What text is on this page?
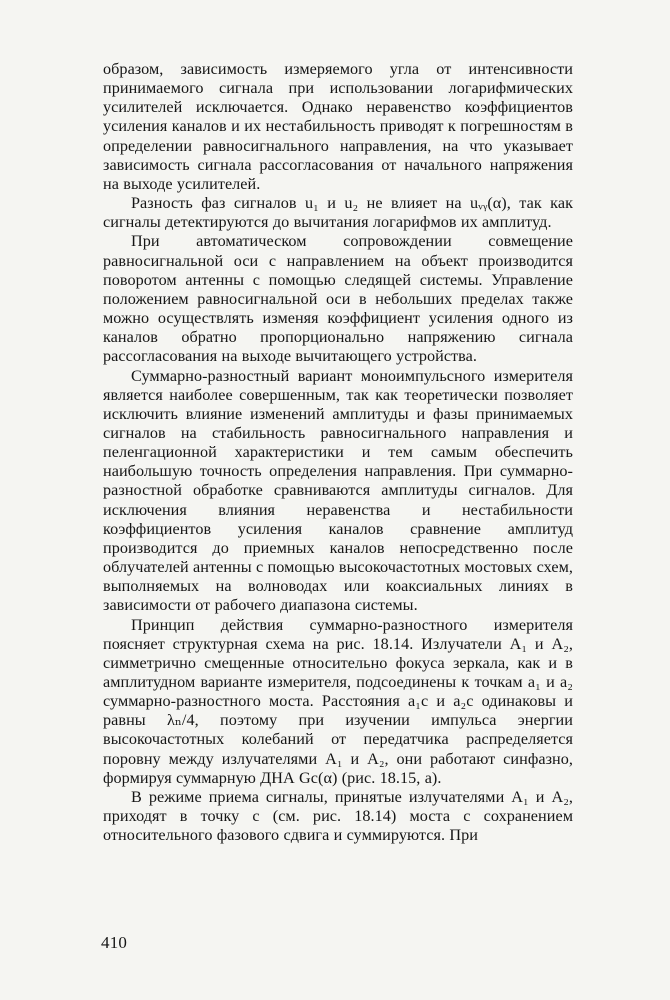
образом, зависимость измеряемого угла от интенсивности принимаемого сигнала при использовании логарифмических усилителей исключается. Однако неравенство коэффициентов усиления каналов и их нестабильность приводят к погрешностям в определении равносигнального направления, на что указывает зависимость сигнала рассогласования от начального напряжения на выходе усилителей.

Разность фаз сигналов u₁ и u₂ не влияет на uᵥᵧ(α), так как сигналы детектируются до вычитания логарифмов их амплитуд.

При автоматическом сопровождении совмещение равносигнальной оси с направлением на объект производится поворотом антенны с помощью следящей системы. Управление положением равносигнальной оси в небольших пределах также можно осуществлять изменяя коэффициент усиления одного из каналов обратно пропорционально напряжению сигнала рассогласования на выходе вычитающего устройства.

Суммарно-разностный вариант моноимпульсного измерителя является наиболее совершенным, так как теоретически позволяет исключить влияние изменений амплитуды и фазы принимаемых сигналов на стабильность равносигнального направления и пеленгационной характеристики и тем самым обеспечить наибольшую точность определения направления. При суммарно-разностной обработке сравниваются амплитуды сигналов. Для исключения влияния неравенства и нестабильности коэффициентов усиления каналов сравнение амплитуд производится до приемных каналов непосредственно после облучателей антенны с помощью высокочастотных мостовых схем, выполняемых на волноводах или коаксиальных линиях в зависимости от рабочего диапазона системы.

Принцип действия суммарно-разностного измерителя поясняет структурная схема на рис. 18.14. Излучатели A₁ и A₂, симметрично смещенные относительно фокуса зеркала, как и в амплитудном варианте измерителя, подсоединены к точкам a₁ и a₂ суммарно-разностного моста. Расстояния a₁c и a₂c одинаковы и равны λₙ/4, поэтому при изучении импульса энергии высокочастотных колебаний от передатчика распределяется поровну между излучателями A₁ и A₂, они работают синфазно, формируя суммарную ДНА Gc(α) (рис. 18.15, a).

В режиме приема сигналы, принятые излучателями A₁ и A₂, приходят в точку c (см. рис. 18.14) моста с сохранением относительного фазового сдвига и суммируются. При

410
